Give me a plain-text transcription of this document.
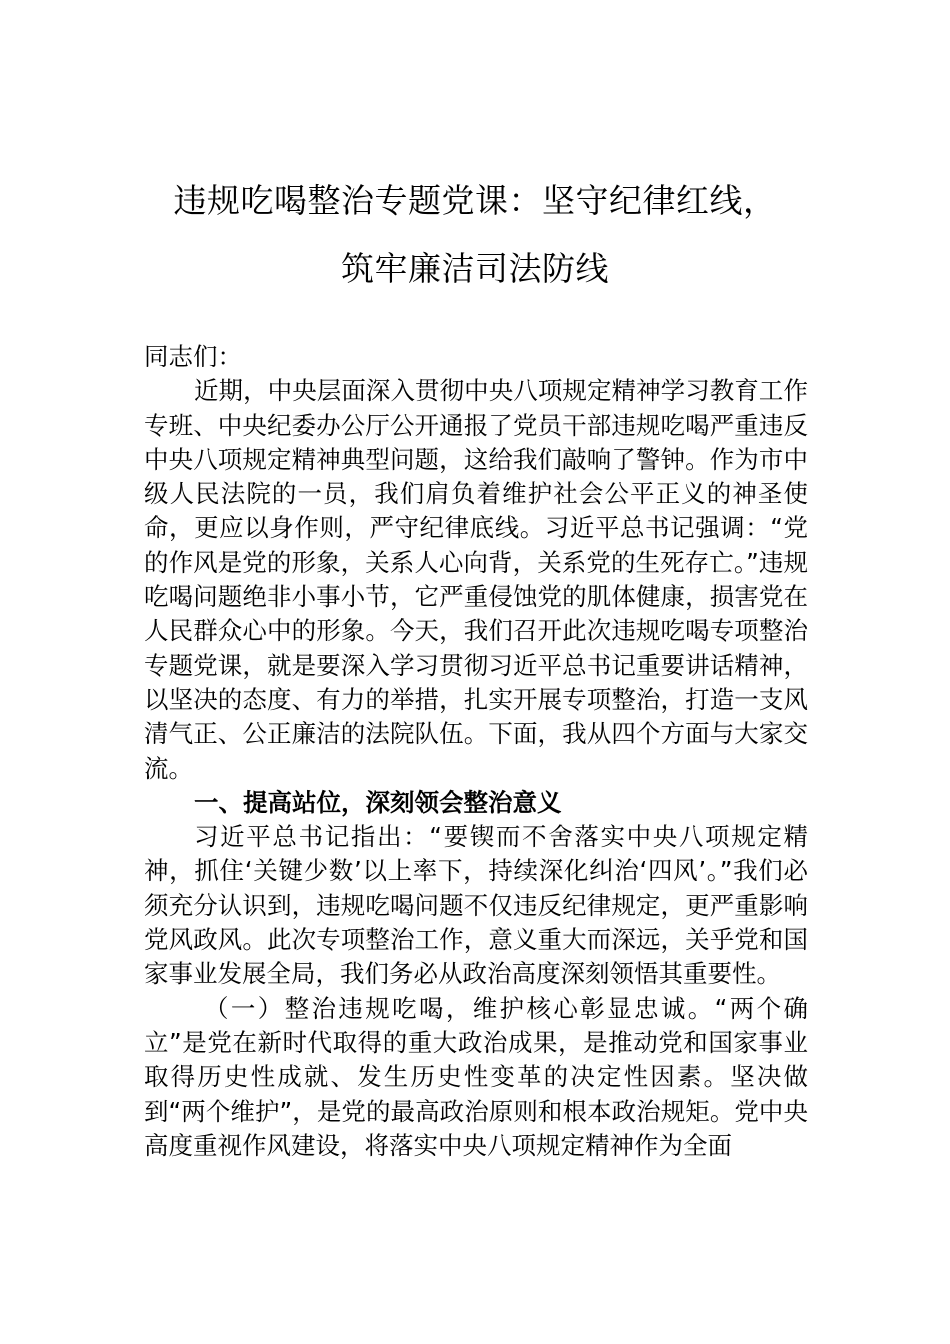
违规吃喝整治专题党课：坚守纪律红线，
筑牢廉洁司法防线

同志们：

近期，中央层面深入贯彻中央八项规定精神学习教育工作专班、中央纪委办公厅公开通报了党员干部违规吃喝严重违反中央八项规定精神典型问题，这给我们敲响了警钟。作为市中级人民法院的一员，我们肩负着维护社会公平正义的神圣使命，更应以身作则，严守纪律底线。习近平总书记强调：“党的作风是党的形象，关系人心向背，关系党的生死存亡。”违规吃喝问题绝非小事小节，它严重侵蚀党的肌体健康，损害党在人民群众心中的形象。今天，我们召开此次违规吃喝专项整治专题党课，就是要深入学习贯彻习近平总书记重要讲话精神，以坚决的态度、有力的举措，扎实开展专项整治，打造一支风清气正、公正廉洁的法院队伍。下面，我从四个方面与大家交流。

一、提高站位，深刻领会整治意义

习近平总书记指出：“要锲而不舍落实中央八项规定精神，抓住‘关键少数’以上率下，持续深化纠治‘四风’。”我们必须充分认识到，违规吃喝问题不仅违反纪律规定，更严重影响党风政风。此次专项整治工作，意义重大而深远，关乎党和国家事业发展全局，我们务必从政治高度深刻领悟其重要性。

（一）整治违规吃喝，维护核心彰显忠诚。“两个确立”是党在新时代取得的重大政治成果，是推动党和国家事业取得历史性成就、发生历史性变革的决定性因素。坚决做到“两个维护”，是党的最高政治原则和根本政治规矩。党中央高度重视作风建设，将落实中央八项规定精神作为全面
